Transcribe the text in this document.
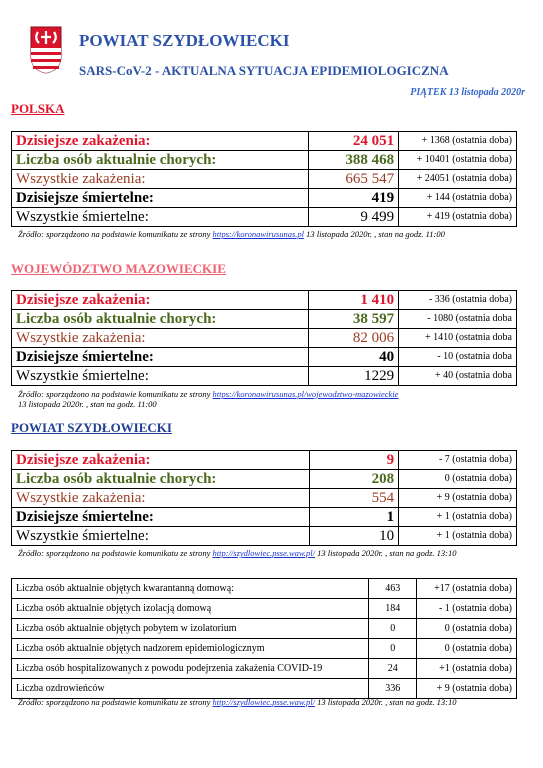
POWIAT SZYDŁOWIECKI
SARS-CoV-2 - AKTUALNA SYTUACJA EPIDEMIOLOGICZNA
PIĄTEK 13 listopada 2020r
POLSKA
Dzisiejsze zakażenia:	24 051	+ 1368 (ostatnia doba)
Liczba osób aktualnie chorych:	388 468	+ 10401 (ostatnia doba)
Wszystkie zakażenia:	665 547	+ 24051 (ostatnia doba)
Dzisiejsze śmiertelne:	419	+ 144 (ostatnia doba)
Wszystkie śmiertelne:	9 499	+ 419 (ostatnia doba)
Źródło: sporządzono na podstawie komunikatu ze strony https://koronawirusunas.pl 13 listopada 2020r. , stan na godz. 11:00
WOJEWÓDZTWO MAZOWIECKIE
Dzisiejsze zakażenia:	1 410	- 336 (ostatnia doba)
Liczba osób aktualnie chorych:	38 597	- 1080 (ostatnia doba
Wszystkie zakażenia:	82 006	+ 1410 (ostatnia doba
Dzisiejsze śmiertelne:	40	- 10 (ostatnia doba
Wszystkie śmiertelne:	1229	+ 40 (ostatnia doba
Źródło: sporządzono na podstawie komunikatu ze strony https://koronawirusunas.pl/wojewodztwo-mazowieckie
13 listopada 2020r. , stan na godz. 11:00
POWIAT SZYDŁOWIECKI
Dzisiejsze zakażenia:	9	- 7 (ostatnia doba)
Liczba osób aktualnie chorych:	208	0 (ostatnia doba)
Wszystkie zakażenia:	554	+ 9 (ostatnia doba)
Dzisiejsze śmiertelne:	1	+ 1 (ostatnia doba)
Wszystkie śmiertelne:	10	+ 1 (ostatnia doba)
Źródło: sporządzono na podstawie komunikatu ze strony http://szydlowiec.psse.waw.pl/ 13 listopada 2020r. , stan na godz. 13:10
Liczba osób aktualnie objętych kwarantanną domową:	463	+17 (ostatnia doba)
Liczba osób aktualnie objętych izolacją domową	184	- 1 (ostatnia doba)
Liczba osób aktualnie objętych pobytem w izolatorium	0	0 (ostatnia doba)
Liczba osób aktualnie objętych nadzorem epidemiologicznym	0	0 (ostatnia doba)
Liczba osób hospitalizowanych z powodu podejrzenia zakażenia COVID-19	24	+1 (ostatnia doba)
Liczba ozdrowieńców	336	+ 9 (ostatnia doba)
Źródło: sporządzono na podstawie komunikatu ze strony http://szydlowiec.psse.waw.pl/ 13 listopada 2020r. , stan na godz. 13:10
